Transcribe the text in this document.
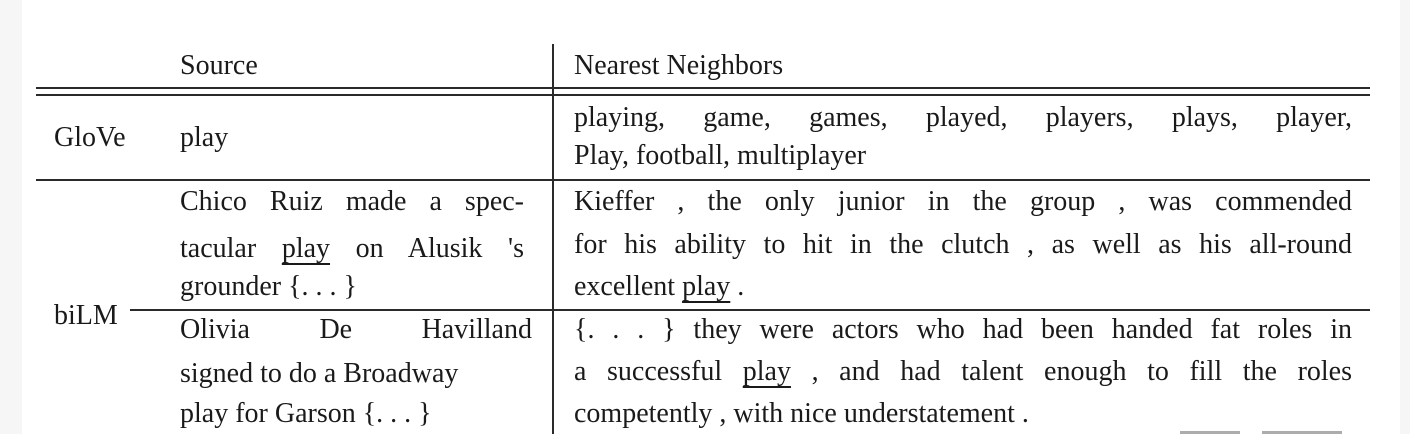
Source	Nearest Neighbors
GloVe play
playing, game, games, played, players, plays, player,
Play, football, multiplayer
biLM
Chico Ruiz made a spec-
tacular play on Alusik 's
grounder {. . . }
Kieffer , the only junior in the group , was commended
for his ability to hit in the clutch , as well as his all-round
excellent play .
Olivia De Havilland
signed to do a Broadway
play for Garson {. . . }
{. . . } they were actors who had been handed fat roles in
a successful play , and had talent enough to fill the roles
competently , with nice understatement .
